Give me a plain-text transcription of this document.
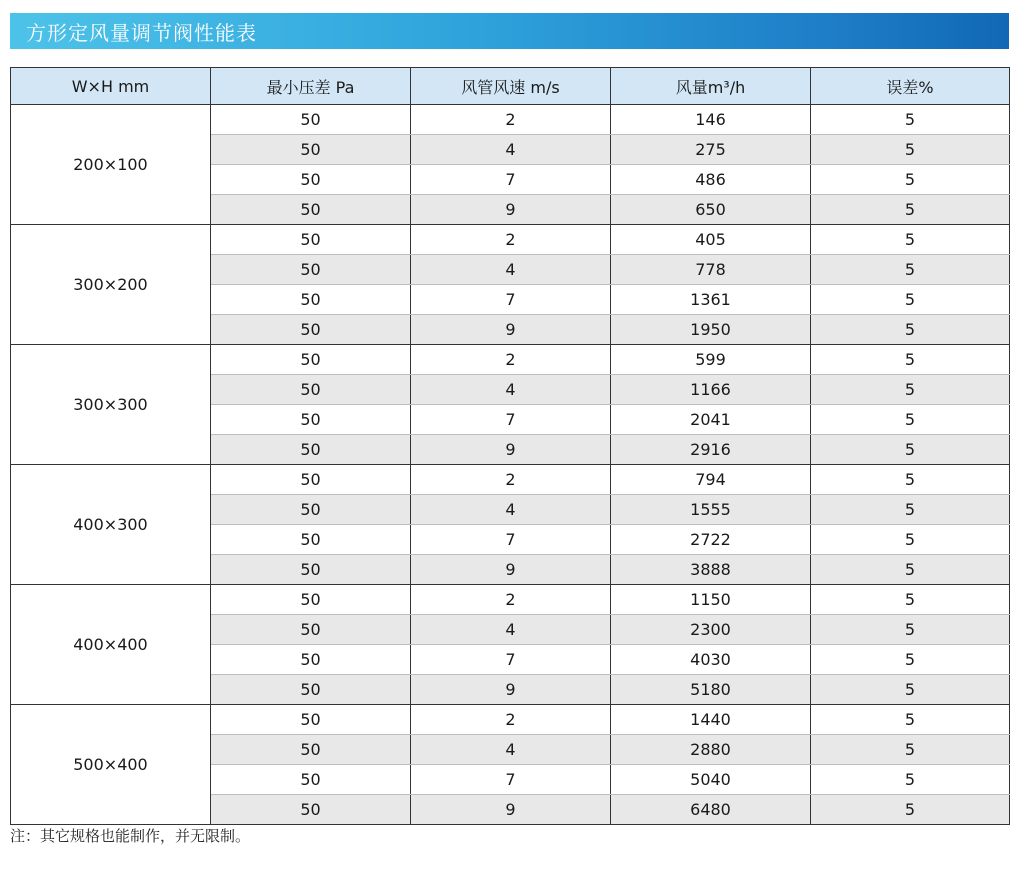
方形定风量调节阀性能表
W×H mm	最小压差 Pa	风管风速 m/s	风量m³/h	误差%
200×100	50	2	146	5
	50	4	275	5
	50	7	486	5
	50	9	650	5
300×200	50	2	405	5
	50	4	778	5
	50	7	1361	5
	50	9	1950	5
300×300	50	2	599	5
	50	4	1166	5
	50	7	2041	5
	50	9	2916	5
400×300	50	2	794	5
	50	4	1555	5
	50	7	2722	5
	50	9	3888	5
400×400	50	2	1150	5
	50	4	2300	5
	50	7	4030	5
	50	9	5180	5
500×400	50	2	1440	5
	50	4	2880	5
	50	7	5040	5
	50	9	6480	5
注：其它规格也能制作，并无限制。
